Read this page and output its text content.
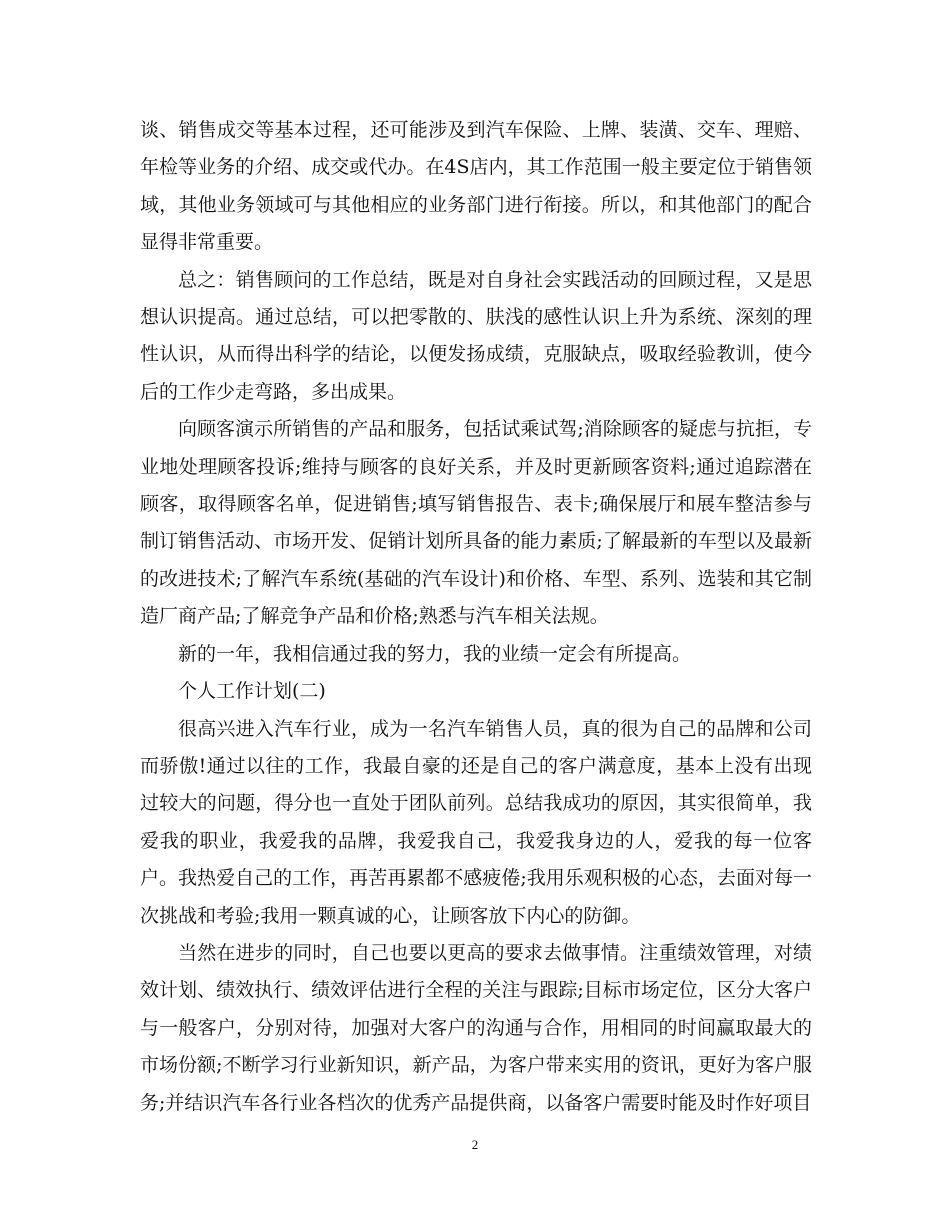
谈、销售成交等基本过程，还可能涉及到汽车保险、上牌、装潢、交车、理赔、年检等业务的介绍、成交或代办。在4S店内，其工作范围一般主要定位于销售领域，其他业务领域可与其他相应的业务部门进行衔接。所以，和其他部门的配合显得非常重要。

总之：销售顾问的工作总结，既是对自身社会实践活动的回顾过程，又是思想认识提高。通过总结，可以把零散的、肤浅的感性认识上升为系统、深刻的理性认识，从而得出科学的结论，以便发扬成绩，克服缺点，吸取经验教训，使今后的工作少走弯路，多出成果。

向顾客演示所销售的产品和服务，包括试乘试驾;消除顾客的疑虑与抗拒，专业地处理顾客投诉;维持与顾客的良好关系，并及时更新顾客资料;通过追踪潜在顾客，取得顾客名单，促进销售;填写销售报告、表卡;确保展厅和展车整洁参与制订销售活动、市场开发、促销计划所具备的能力素质;了解最新的车型以及最新的改进技术;了解汽车系统(基础的汽车设计)和价格、车型、系列、选装和其它制造厂商产品;了解竞争产品和价格;熟悉与汽车相关法规。

新的一年，我相信通过我的努力，我的业绩一定会有所提高。

个人工作计划(二)

很高兴进入汽车行业，成为一名汽车销售人员，真的很为自己的品牌和公司而骄傲!通过以往的工作，我最自豪的还是自己的客户满意度，基本上没有出现过较大的问题，得分也一直处于团队前列。总结我成功的原因，其实很简单，我爱我的职业，我爱我的品牌，我爱我自己，我爱我身边的人，爱我的每一位客户。我热爱自己的工作，再苦再累都不感疲倦;我用乐观积极的心态，去面对每一次挑战和考验;我用一颗真诚的心，让顾客放下内心的防御。

当然在进步的同时，自己也要以更高的要求去做事情。注重绩效管理，对绩效计划、绩效执行、绩效评估进行全程的关注与跟踪;目标市场定位，区分大客户与一般客户，分别对待，加强对大客户的沟通与合作，用相同的时间赢取最大的市场份额;不断学习行业新知识，新产品，为客户带来实用的资讯，更好为客户服务;并结识汽车各行业各档次的优秀产品提供商，以备客户需要时能及时作好项目

2
